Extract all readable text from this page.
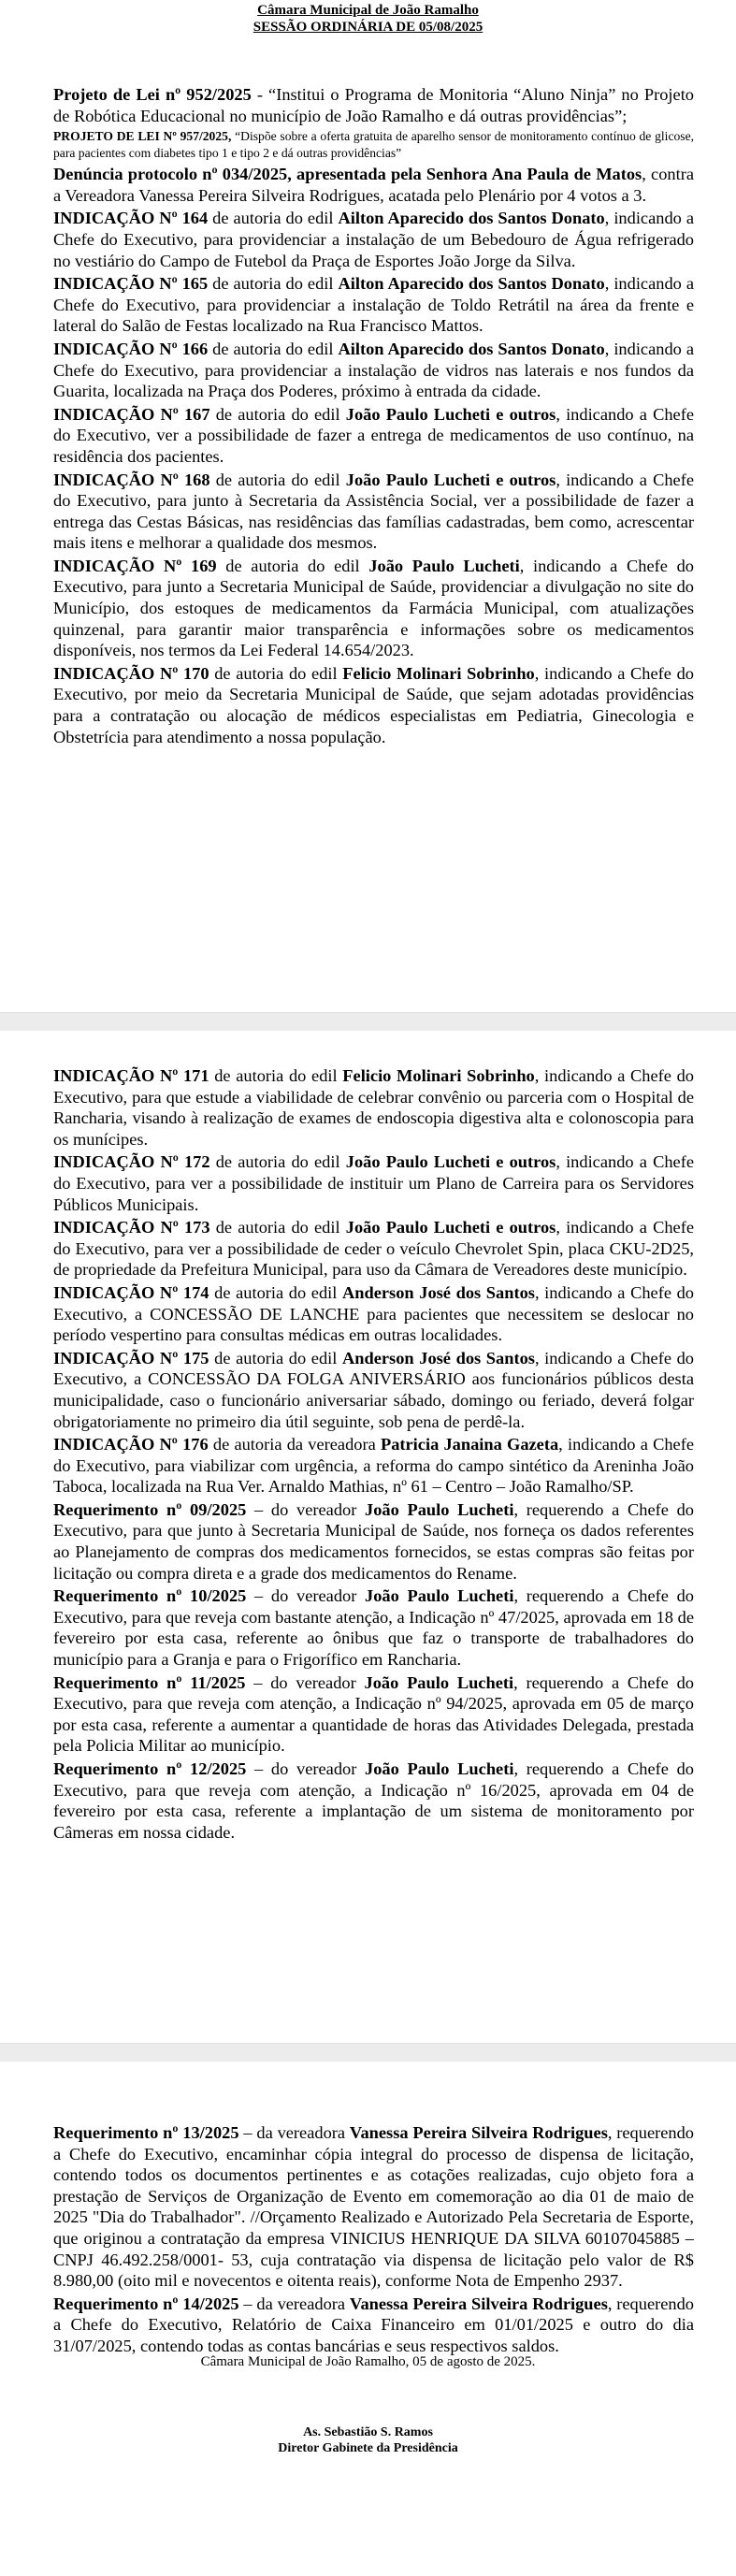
Câmara Municipal de João Ramalho
SESSÃO ORDINÁRIA DE 05/08/2025

Projeto de Lei nº 952/2025 - “Institui o Programa de Monitoria “Aluno Ninja” no Projeto de Robótica Educacional no município de João Ramalho e dá outras providências”;

PROJETO DE LEI Nº 957/2025, “Dispõe sobre a oferta gratuita de aparelho sensor de monitoramento contínuo de glicose, para pacientes com diabetes tipo 1 e tipo 2 e dá outras providências”

Denúncia protocolo nº 034/2025, apresentada pela Senhora Ana Paula de Matos, contra a Vereadora Vanessa Pereira Silveira Rodrigues, acatada pelo Plenário por 4 votos a 3.

INDICAÇÃO Nº 164 de autoria do edil Ailton Aparecido dos Santos Donato, indicando a Chefe do Executivo, para providenciar a instalação de um Bebedouro de Água refrigerado no vestiário do Campo de Futebol da Praça de Esportes João Jorge da Silva.

INDICAÇÃO Nº 165 de autoria do edil Ailton Aparecido dos Santos Donato, indicando a Chefe do Executivo, para providenciar a instalação de Toldo Retrátil na área da frente e lateral do Salão de Festas localizado na Rua Francisco Mattos.

INDICAÇÃO Nº 166 de autoria do edil Ailton Aparecido dos Santos Donato, indicando a Chefe do Executivo, para providenciar a instalação de vidros nas laterais e nos fundos da Guarita, localizada na Praça dos Poderes, próximo à entrada da cidade.

INDICAÇÃO Nº 167 de autoria do edil João Paulo Lucheti e outros, indicando a Chefe do Executivo, ver a possibilidade de fazer a entrega de medicamentos de uso contínuo, na residência dos pacientes.

INDICAÇÃO Nº 168 de autoria do edil João Paulo Lucheti e outros, indicando a Chefe do Executivo, para junto à Secretaria da Assistência Social, ver a possibilidade de fazer a entrega das Cestas Básicas, nas residências das famílias cadastradas, bem como, acrescentar mais itens e melhorar a qualidade dos mesmos.

INDICAÇÃO Nº 169 de autoria do edil João Paulo Lucheti, indicando a Chefe do Executivo, para junto a Secretaria Municipal de Saúde, providenciar a divulgação no site do Município, dos estoques de medicamentos da Farmácia Municipal, com atualizações quinzenal, para garantir maior transparência e informações sobre os medicamentos disponíveis, nos termos da Lei Federal 14.654/2023.

INDICAÇÃO Nº 170 de autoria do edil Felicio Molinari Sobrinho, indicando a Chefe do Executivo, por meio da Secretaria Municipal de Saúde, que sejam adotadas providências para a contratação ou alocação de médicos especialistas em Pediatria, Ginecologia e Obstetrícia para atendimento a nossa população.

INDICAÇÃO Nº 171 de autoria do edil Felicio Molinari Sobrinho, indicando a Chefe do Executivo, para que estude a viabilidade de celebrar convênio ou parceria com o Hospital de Rancharia, visando à realização de exames de endoscopia digestiva alta e colonoscopia para os munícipes.

INDICAÇÃO Nº 172 de autoria do edil João Paulo Lucheti e outros, indicando a Chefe do Executivo, para ver a possibilidade de instituir um Plano de Carreira para os Servidores Públicos Municipais.

INDICAÇÃO Nº 173 de autoria do edil João Paulo Lucheti e outros, indicando a Chefe do Executivo, para ver a possibilidade de ceder o veículo Chevrolet Spin, placa CKU-2D25, de propriedade da Prefeitura Municipal, para uso da Câmara de Vereadores deste município.

INDICAÇÃO Nº 174 de autoria do edil Anderson José dos Santos, indicando a Chefe do Executivo, a CONCESSÃO DE LANCHE para pacientes que necessitem se deslocar no período vespertino para consultas médicas em outras localidades.

INDICAÇÃO Nº 175 de autoria do edil Anderson José dos Santos, indicando a Chefe do Executivo, a CONCESSÃO DA FOLGA ANIVERSÁRIO aos funcionários públicos desta municipalidade, caso o funcionário aniversariar sábado, domingo ou feriado, deverá folgar obrigatoriamente no primeiro dia útil seguinte, sob pena de perdê-la.

INDICAÇÃO Nº 176 de autoria da vereadora Patricia Janaina Gazeta, indicando a Chefe do Executivo, para viabilizar com urgência, a reforma do campo sintético da Areninha João Taboca, localizada na Rua Ver. Arnaldo Mathias, nº 61 – Centro – João Ramalho/SP.

Requerimento nº 09/2025 – do vereador João Paulo Lucheti, requerendo a Chefe do Executivo, para que junto à Secretaria Municipal de Saúde, nos forneça os dados referentes ao Planejamento de compras dos medicamentos fornecidos, se estas compras são feitas por licitação ou compra direta e a grade dos medicamentos do Rename.

Requerimento nº 10/2025 – do vereador João Paulo Lucheti, requerendo a Chefe do Executivo, para que reveja com bastante atenção, a Indicação nº 47/2025, aprovada em 18 de fevereiro por esta casa, referente ao ônibus que faz o transporte de trabalhadores do município para a Granja e para o Frigorífico em Rancharia.

Requerimento nº 11/2025 – do vereador João Paulo Lucheti, requerendo a Chefe do Executivo, para que reveja com atenção, a Indicação nº 94/2025, aprovada em 05 de março por esta casa, referente a aumentar a quantidade de horas das Atividades Delegada, prestada pela Policia Militar ao município.

Requerimento nº 12/2025 – do vereador João Paulo Lucheti, requerendo a Chefe do Executivo, para que reveja com atenção, a Indicação nº 16/2025, aprovada em 04 de fevereiro por esta casa, referente a implantação de um sistema de monitoramento por Câmeras em nossa cidade.

Requerimento nº 13/2025 – da vereadora Vanessa Pereira Silveira Rodrigues, requerendo a Chefe do Executivo, encaminhar cópia integral do processo de dispensa de licitação, contendo todos os documentos pertinentes e as cotações realizadas, cujo objeto fora a prestação de Serviços de Organização de Evento em comemoração ao dia 01 de maio de 2025 "Dia do Trabalhador". //Orçamento Realizado e Autorizado Pela Secretaria de Esporte, que originou a contratação da empresa VINICIUS HENRIQUE DA SILVA 60107045885 – CNPJ 46.492.258/0001- 53, cuja contratação via dispensa de licitação pelo valor de R$ 8.980,00 (oito mil e novecentos e oitenta reais), conforme Nota de Empenho 2937.

Requerimento nº 14/2025 – da vereadora Vanessa Pereira Silveira Rodrigues, requerendo a Chefe do Executivo, Relatório de Caixa Financeiro em 01/01/2025 e outro do dia 31/07/2025, contendo todas as contas bancárias e seus respectivos saldos.

Câmara Municipal de João Ramalho, 05 de agosto de 2025.
As. Sebastião S. Ramos
Diretor Gabinete da Presidência
